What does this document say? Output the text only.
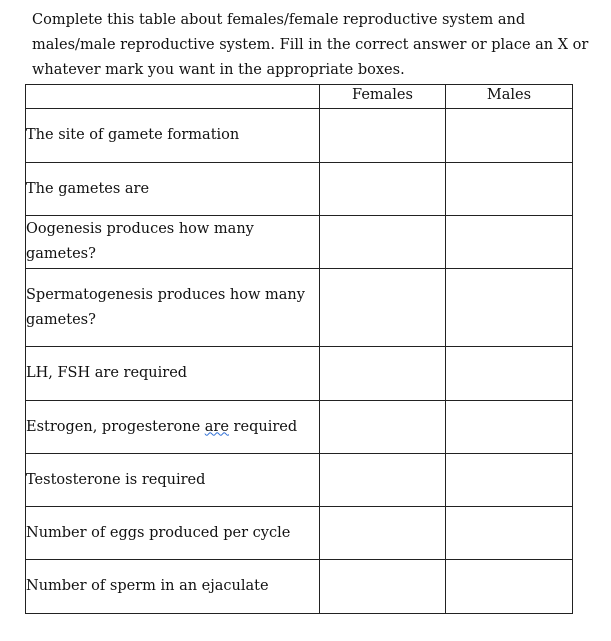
Complete this table about females/female reproductive system and males/male reproductive system. Fill in the correct answer or place an X or whatever mark you want in the appropriate boxes.

	Females	Males
The site of gamete formation		
The gametes are		
Oogenesis produces how many gametes?		
Spermatogenesis produces how many gametes?		
LH, FSH are required		
Estrogen, progesterone are required		
Testosterone is required		
Number of eggs produced per cycle		
Number of sperm in an ejaculate		
